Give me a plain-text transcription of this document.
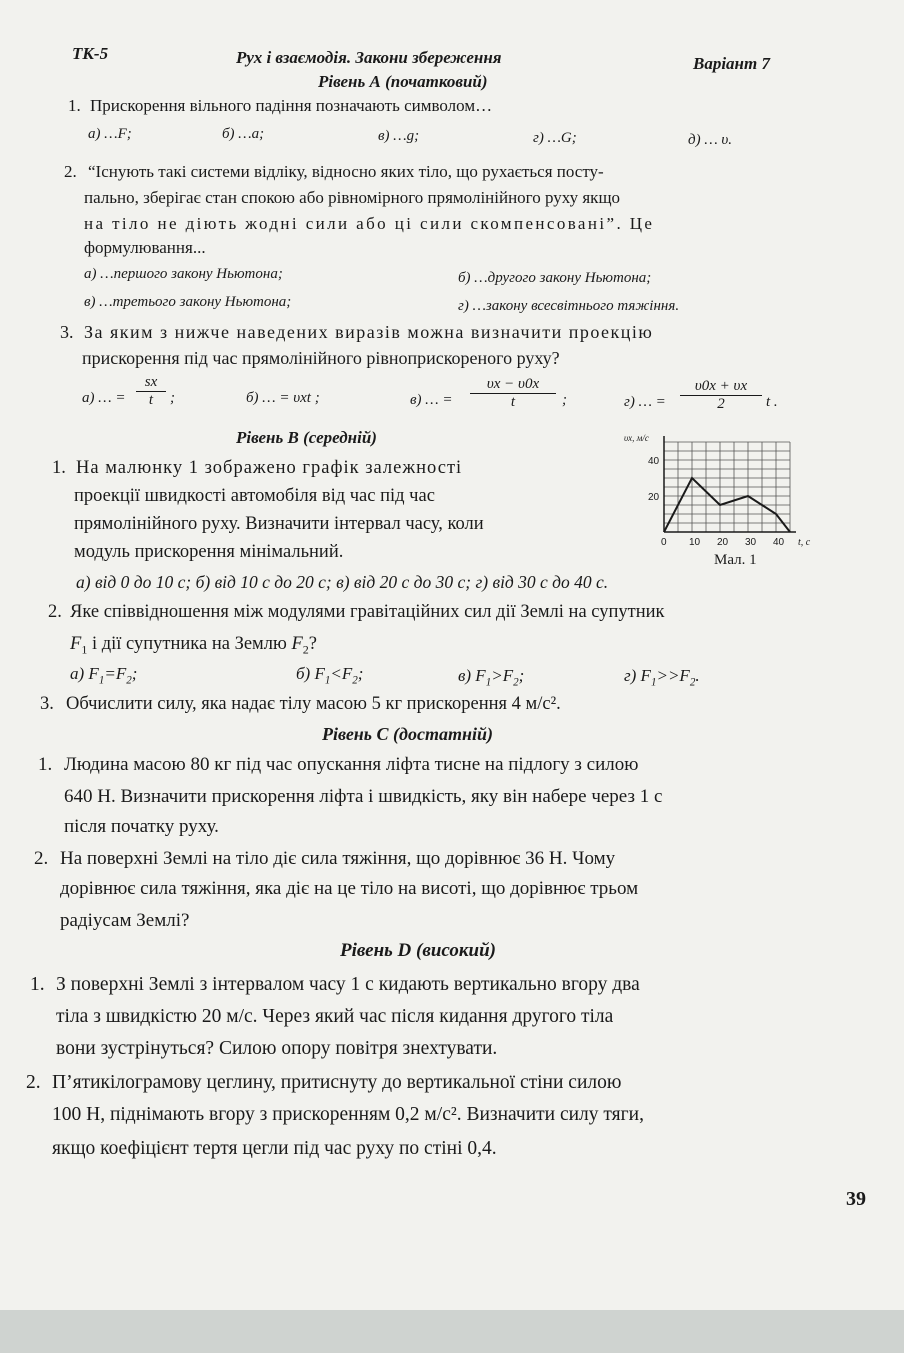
ТК-5	Рух і взаємодія. Закони збереження	Варіант 7
Рівень А (початковий)
1. Прискорення вільного падіння позначають символом…
а) …F;	б) …а;	в) …g;	г) …G;	д) … υ.
2. “Існують такі системи відліку, відносно яких тіло, що рухається посту-
пально, зберігає стан спокою або рівномірного прямолінійного руху якщо
на тіло не діють жодні сили або ці сили скомпенсовані”. Це
формулювання...
а) …першого закону Ньютона;	б) …другого закону Ньютона;
в) …третього закону Ньютона;	г) …закону всесвітнього тяжіння.
3. За яким з нижче наведених виразів можна визначити проекцію
прискорення під час прямолінійного рівноприскореного руху?
а) … = $\frac{sx}{t}$ ;	б) … = υxt ;	в) … = $\frac{\upsilon x - \upsilon 0x}{t}$ ;	г) … = $\frac{\upsilon 0x + \upsilon x}{2}$ t .
Рівень В (середній)
1. На малюнку 1 зображено графік залежності
проекції швидкості автомобіля від час під час
прямолінійного руху. Визначити інтервал часу, коли
модуль прискорення мінімальний.	0 10 20 30 40
20
40
υx, м/с
t, c
Мал. 1
а) від 0 до 10 с; б) від 10 с до 20 с; в) від 20 с до 30 с; г) від 30 с до 40 с.
2. Яке співвідношення між модулями гравітаційних сил дії Землі на супутник
$F_1$ і дії супутника на Землю $F_2$?
а) $F_1=F_2$;	б) $F_1<F_2$;	в) $F_1>F_2$;	г) $F_1>>F_2$.
3. Обчислити силу, яка надає тілу масою 5 кг прискорення 4 м/с².
Рівень С (достатній)
1. Людина масою 80 кг під час опускання ліфта тисне на підлогу з силою
640 Н. Визначити прискорення ліфта і швидкість, яку він набере через 1 с
після початку руху.
2. На поверхні Землі на тіло діє сила тяжіння, що дорівнює 36 Н. Чому
дорівнює сила тяжіння, яка діє на це тіло на висоті, що дорівнює трьом
радіусам Землі?
Рівень D (високий)
1. З поверхні Землі з інтервалом часу 1 с кидають вертикально вгору два
тіла з швидкістю 20 м/с. Через який час після кидання другого тіла
вони зустрінуться? Силою опору повітря знехтувати.
2. П’ятикілограмову цеглину, притиснуту до вертикальної стіни силою
100 Н, піднімають вгору з прискоренням 0,2 м/с². Визначити силу тяги,
якщо коефіцієнт тертя цегли під час руху по стіні 0,4.
39
